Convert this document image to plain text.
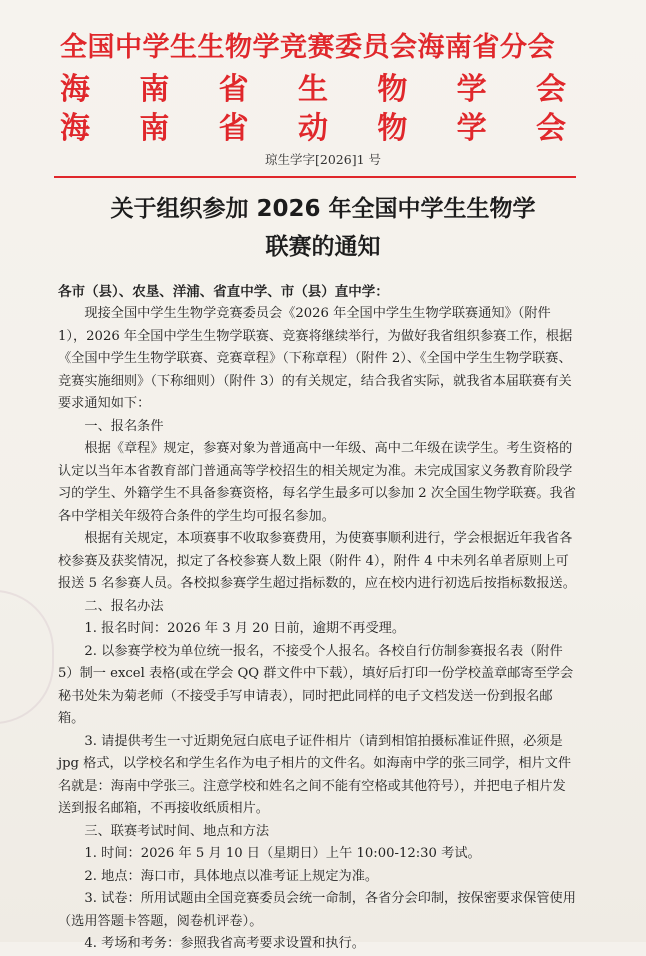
全国中学生生物学竞赛委员会海南省分会
海 南 省 生 物 学 会
海 南 省 动 物 学 会
琼生学字[2026]1 号
关于组织参加 2026 年全国中学生生物学
联赛的通知
各市（县）、农垦、洋浦、省直中学、市（县）直中学：

现接全国中学生生物学竞赛委员会《2026 年全国中学生生物学联赛通知》（附件 1），2026 年全国中学生生物学联赛、竞赛将继续举行，为做好我省组织参赛工作，根据《全国中学生生物学联赛、竞赛章程》（下称章程）（附件 2）、《全国中学生生物学联赛、竞赛实施细则》（下称细则）（附件 3）的有关规定，结合我省实际，就我省本届联赛有关要求通知如下：

一、报名条件

根据《章程》规定，参赛对象为普通高中一年级、高中二年级在读学生。考生资格的认定以当年本省教育部门普通高等学校招生的相关规定为准。未完成国家义务教育阶段学习的学生、外籍学生不具备参赛资格，每名学生最多可以参加 2 次全国生物学联赛。我省各中学相关年级符合条件的学生均可报名参加。

根据有关规定，本项赛事不收取参赛费用，为使赛事顺利进行，学会根据近年我省各校参赛及获奖情况，拟定了各校参赛人数上限（附件 4），附件 4 中未列名单者原则上可报送 5 名参赛人员。各校拟参赛学生超过指标数的，应在校内进行初选后按指标数报送。

二、报名办法

1. 报名时间：2026 年 3 月 20 日前，逾期不再受理。

2. 以参赛学校为单位统一报名，不接受个人报名。各校自行仿制参赛报名表（附件 5）制一 excel 表格(或在学会 QQ 群文件中下载），填好后打印一份学校盖章邮寄至学会秘书处朱为菊老师（不接受手写申请表），同时把此同样的电子文档发送一份到报名邮箱。

3. 请提供考生一寸近期免冠白底电子证件相片（请到相馆拍摄标准证件照，必须是 jpg 格式，以学校名和学生名作为电子相片的文件名。如海南中学的张三同学，相片文件名就是：海南中学张三。注意学校和姓名之间不能有空格或其他符号），并把电子相片发送到报名邮箱，不再接收纸质相片。

三、联赛考试时间、地点和方法

1. 时间：2026 年 5 月 10 日（星期日）上午 10:00-12:30 考试。

2. 地点：海口市，具体地点以准考证上规定为准。

3. 试卷：所用试题由全国竞赛委员会统一命制，各省分会印制，按保密要求保管使用（选用答题卡答题，阅卷机评卷）。

4. 考场和考务：参照我省高考要求设置和执行。
